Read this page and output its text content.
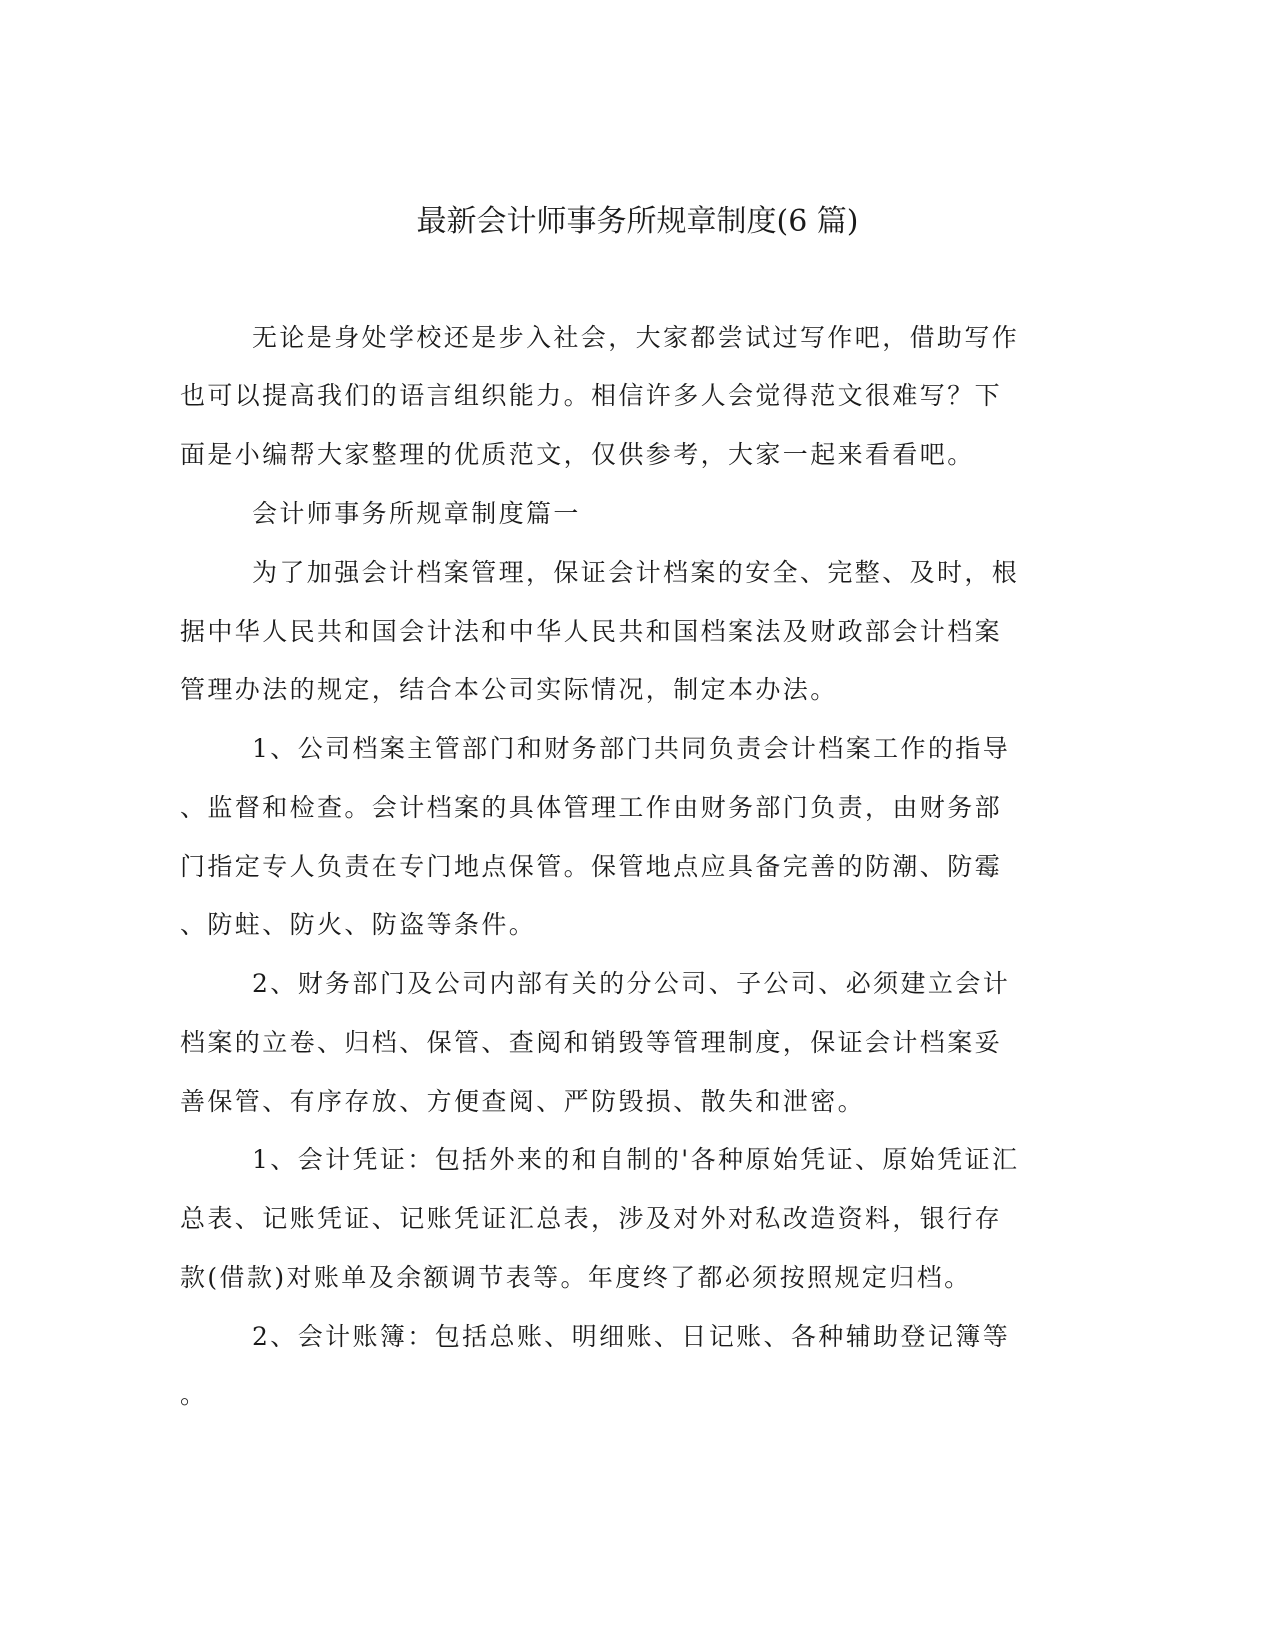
最新会计师事务所规章制度(6 篇)

无论是身处学校还是步入社会，大家都尝试过写作吧，借助写作

也可以提高我们的语言组织能力。相信许多人会觉得范文很难写？下

面是小编帮大家整理的优质范文，仅供参考，大家一起来看看吧。

会计师事务所规章制度篇一

为了加强会计档案管理，保证会计档案的安全、完整、及时，根

据中华人民共和国会计法和中华人民共和国档案法及财政部会计档案

管理办法的规定，结合本公司实际情况，制定本办法。

1、公司档案主管部门和财务部门共同负责会计档案工作的指导

、监督和检查。会计档案的具体管理工作由财务部门负责，由财务部

门指定专人负责在专门地点保管。保管地点应具备完善的防潮、防霉

、防蛀、防火、防盗等条件。

2、财务部门及公司内部有关的分公司、子公司、必须建立会计

档案的立卷、归档、保管、查阅和销毁等管理制度，保证会计档案妥

善保管、有序存放、方便查阅、严防毁损、散失和泄密。

1、会计凭证：包括外来的和自制的'各种原始凭证、原始凭证汇

总表、记账凭证、记账凭证汇总表，涉及对外对私改造资料，银行存

款(借款)对账单及余额调节表等。年度终了都必须按照规定归档。

2、会计账簿：包括总账、明细账、日记账、各种辅助登记簿等

。
